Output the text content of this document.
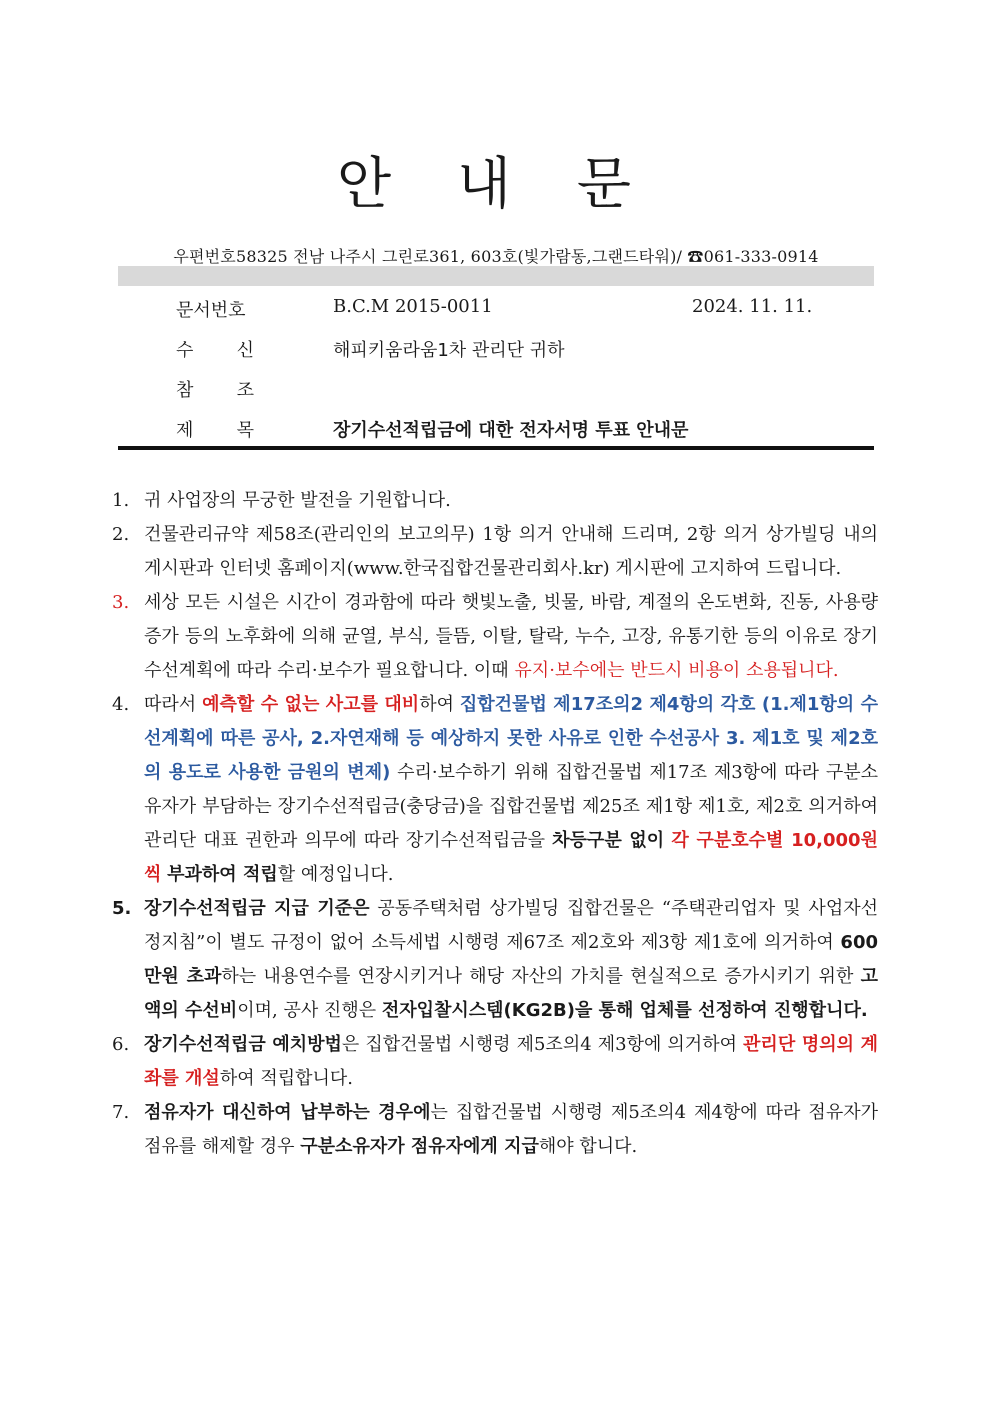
안 내 문
우편번호58325 전남 나주시 그린로361, 603호(빛가람동,그랜드타워)/ ☎061-333-0914
문서번호	B.C.M 2015-0011	2024. 11. 11.
수 신	해피키움라움1차 관리단 귀하
참 조
제 목	장기수선적립금에 대한 전자서명 투표 안내문
1. 귀 사업장의 무궁한 발전을 기원합니다.
2. 건물관리규약 제58조(관리인의 보고의무) 1항 의거 안내해 드리며, 2항 의거 상가빌딩 내의 게시판과 인터넷 홈페이지(www.한국집합건물관리회사.kr) 게시판에 고지하여 드립니다.
3. 세상 모든 시설은 시간이 경과함에 따라 햇빛노출, 빗물, 바람, 계절의 온도변화, 진동, 사용량 증가 등의 노후화에 의해 균열, 부식, 들뜸, 이탈, 탈락, 누수, 고장, 유통기한 등의 이유로 장기수선계획에 따라 수리·보수가 필요합니다. 이때 유지·보수에는 반드시 비용이 소용됩니다.
4. 따라서 예측할 수 없는 사고를 대비하여 집합건물법 제17조의2 제4항의 각호 (1.제1항의 수선계획에 따른 공사, 2.자연재해 등 예상하지 못한 사유로 인한 수선공사 3. 제1호 및 제2호의 용도로 사용한 금원의 변제) 수리·보수하기 위해 집합건물법 제17조 제3항에 따라 구분소유자가 부담하는 장기수선적립금(충당금)을 집합건물법 제25조 제1항 제1호, 제2호 의거하여 관리단 대표 권한과 의무에 따라 장기수선적립금을 차등구분 없이 각 구분호수별 10,000원씩 부과하여 적립할 예정입니다.
5. 장기수선적립금 지급 기준은 공동주택처럼 상가빌딩 집합건물은 “주택관리업자 및 사업자선정지침”이 별도 규정이 없어 소득세법 시행령 제67조 제2호와 제3항 제1호에 의거하여 600만원 초과하는 내용연수를 연장시키거나 해당 자산의 가치를 현실적으로 증가시키기 위한 고액의 수선비이며, 공사 진행은 전자입찰시스템(KG2B)을 통해 업체를 선정하여 진행합니다.
6. 장기수선적립금 예치방법은 집합건물법 시행령 제5조의4 제3항에 의거하여 관리단 명의의 계좌를 개설하여 적립합니다.
7. 점유자가 대신하여 납부하는 경우에는 집합건물법 시행령 제5조의4 제4항에 따라 점유자가 점유를 해제할 경우 구분소유자가 점유자에게 지급해야 합니다.
